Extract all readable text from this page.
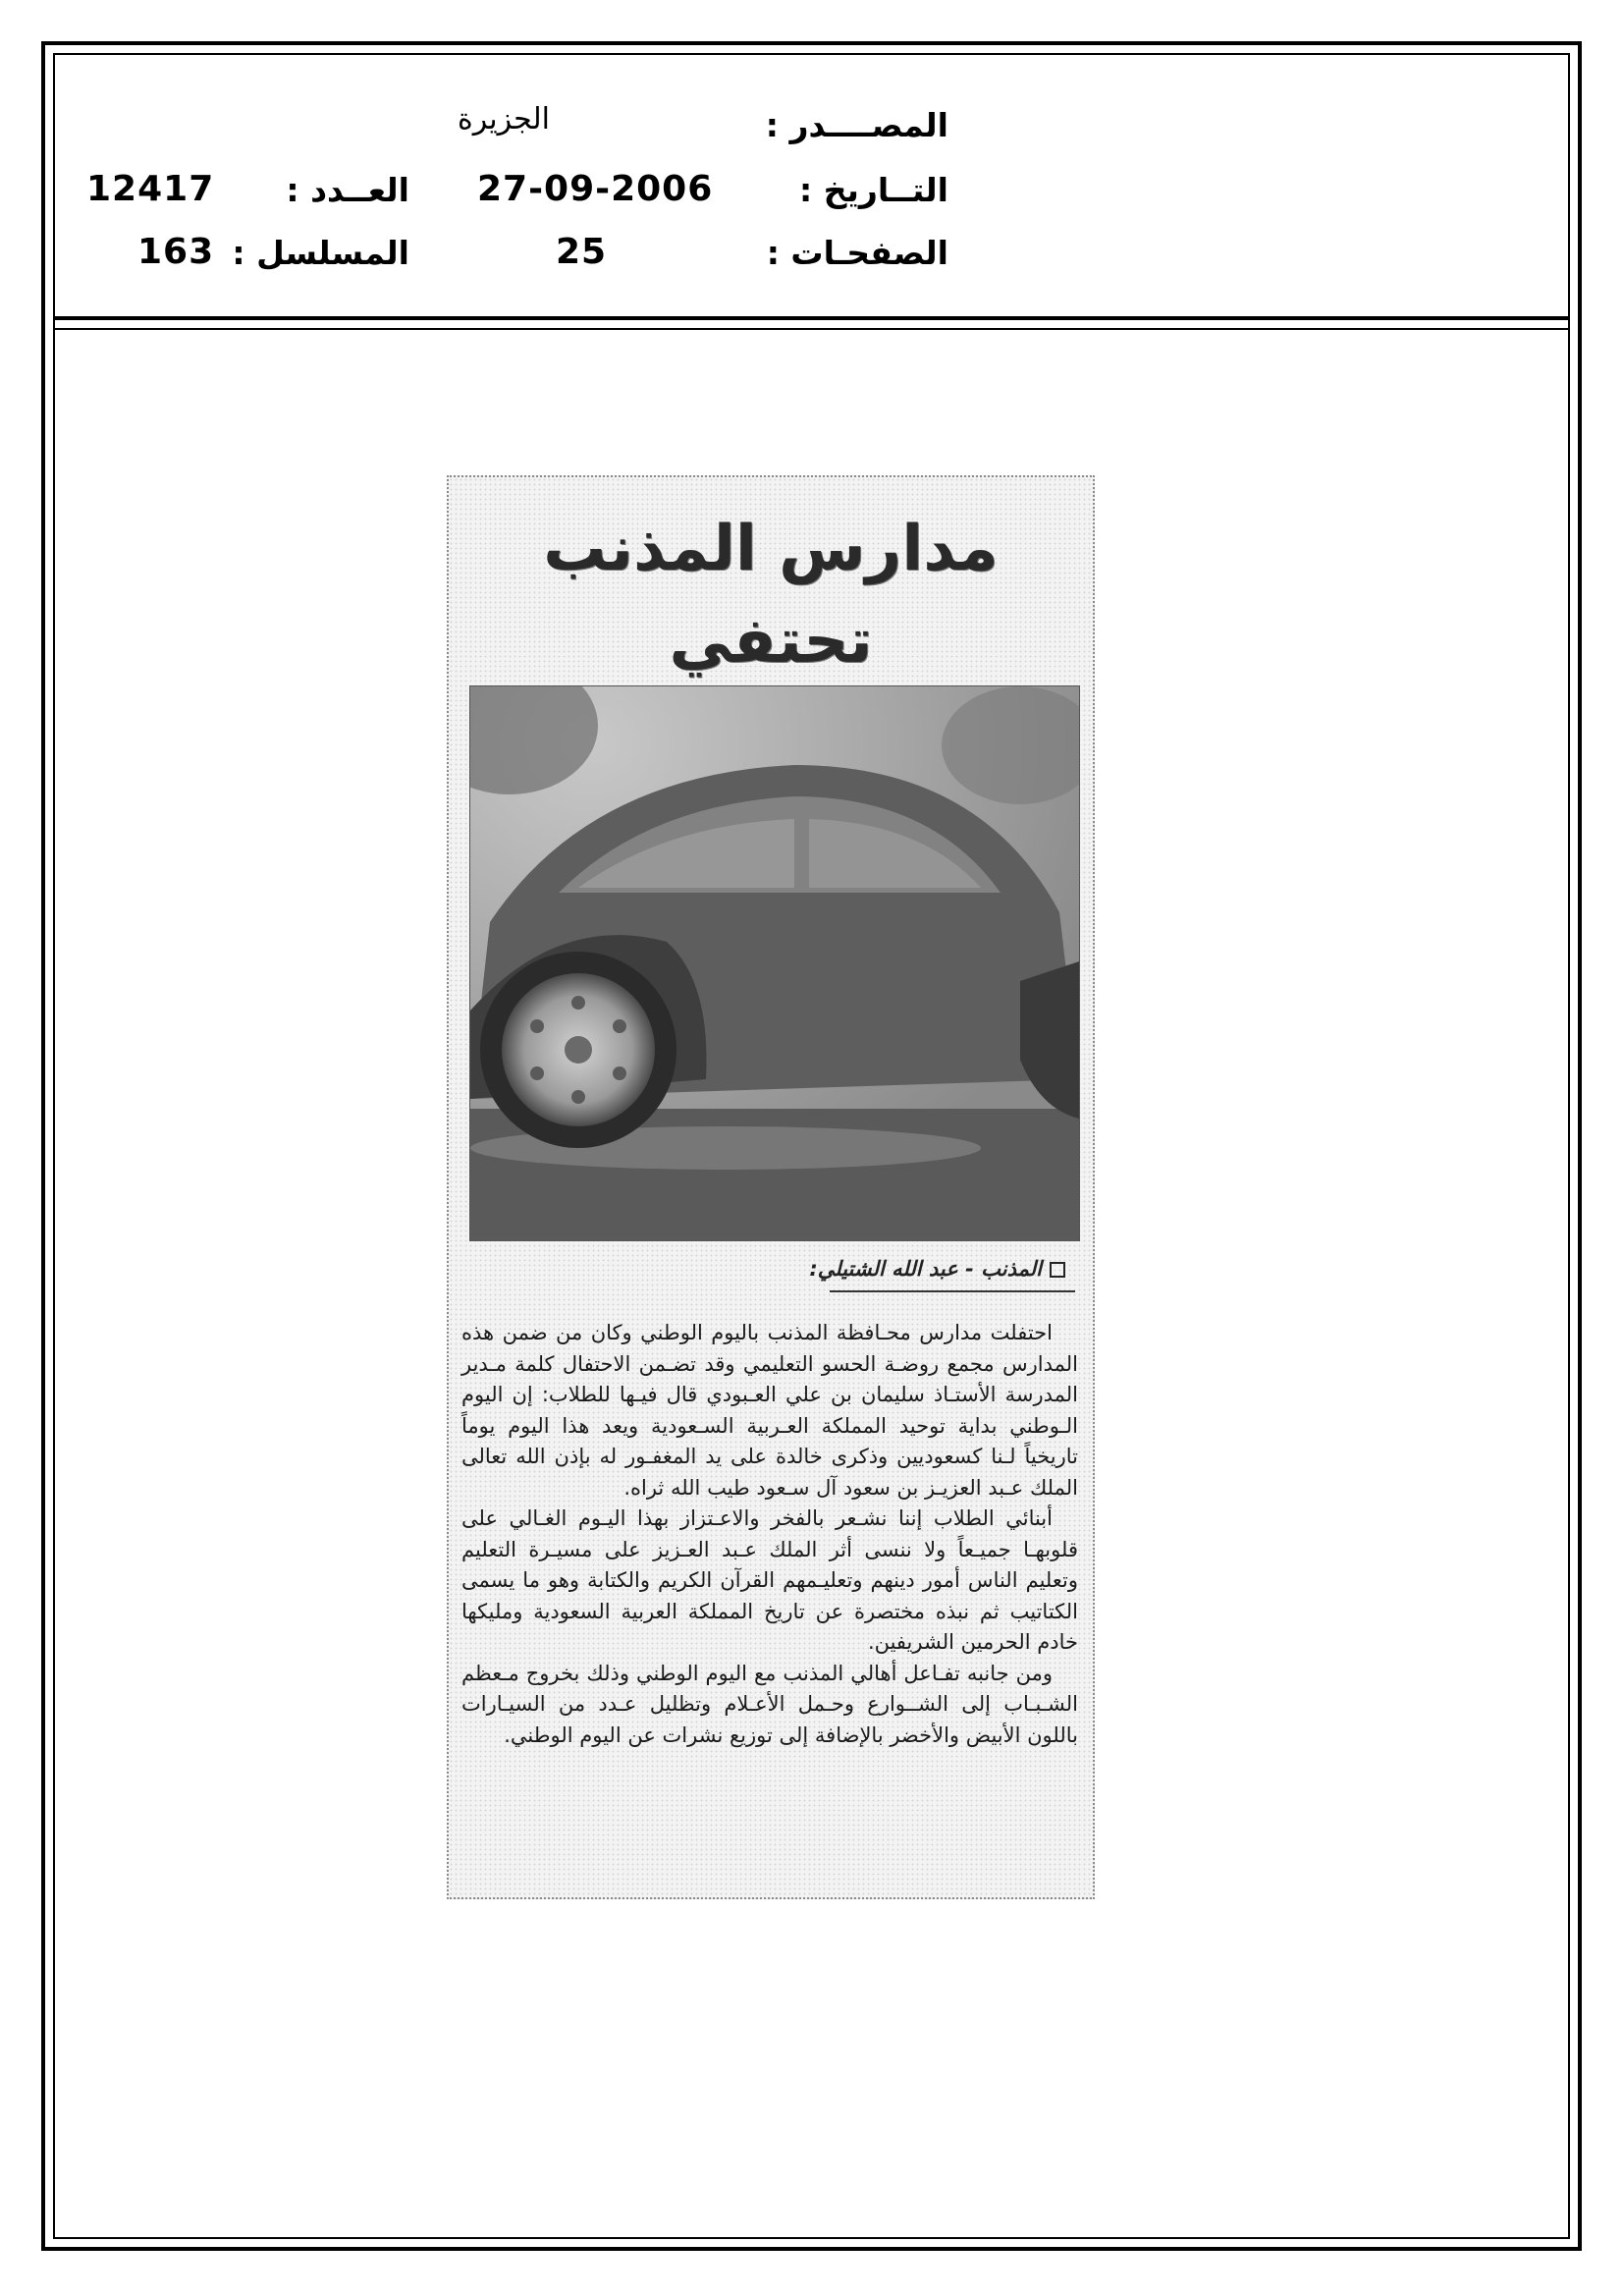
الجزيرة	المصــــدر :
12417	العــدد : 27-09-2006	التــاريخ :
163 المسلسل :	25	الصفحـات :
مدارس المذنب تحتفي
المذنب - عبد الله الشتيلي:

احتفلت مدارس محـافظة المذنب باليوم الوطني وكان من ضمن هذه المدارس مجمع روضـة الحسو التعليمي وقد تضـمن الاحتفال كلمة مـدير المدرسة الأستـاذ سليمان بن علي العـبودي قال فيـها للطلاب: إن اليوم الـوطني بداية توحيد المملكة العـربية السـعودية ويعد هذا اليوم يوماً تاريخياً لـنا كسعوديين وذكرى خالدة على يد المغفـور له بإذن الله تعالى الملك عـبد العزيـز بن سعود آل سـعود طيب الله ثراه.

أبنائي الطلاب إننا نشـعر بالفخر والاعـتزاز بهذا اليـوم الغـالي على قلوبهـا جميـعاً ولا ننسى أثر الملك عـبد العـزيز على مسيـرة التعليم وتعليم الناس أمور دينهم وتعليـمهم القرآن الكريم والكتابة وهو ما يسمى الكتاتيب ثم نبذه مختصرة عن تاريخ المملكة العربية السعودية ومليكها خادم الحرمين الشريفين.

ومن جانبه تفـاعل أهالي المذنب مع اليوم الوطني وذلك بخروج مـعظم الشـبـاب إلى الشــوارع وحـمل الأعـلام وتظليل عـدد من السيـارات باللون الأبيض والأخضر بالإضافة إلى توزيع نشرات عن اليوم الوطني.
